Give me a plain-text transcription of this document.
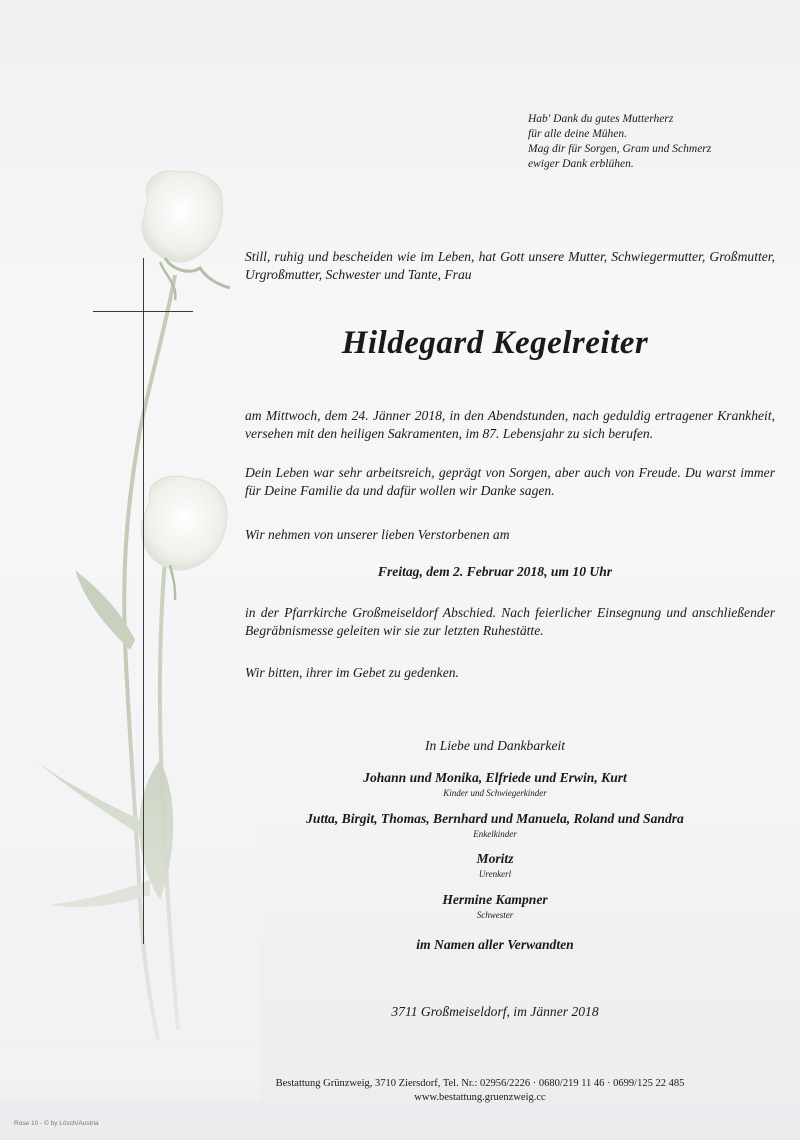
Hab' Dank du gutes Mutterherz
für alle deine Mühen.
Mag dir für Sorgen, Gram und Schmerz
ewiger Dank erblühen.
Still, ruhig und bescheiden wie im Leben, hat Gott unsere Mutter, Schwiegermutter, Großmutter, Urgroßmutter, Schwester und Tante, Frau
Hildegard Kegelreiter
am Mittwoch, dem 24. Jänner 2018, in den Abendstunden, nach geduldig ertragener Krankheit, versehen mit den heiligen Sakramenten, im 87. Lebensjahr zu sich berufen.
Dein Leben war sehr arbeitsreich, geprägt von Sorgen, aber auch von Freude. Du warst immer für Deine Familie da und dafür wollen wir Danke sagen.
Wir nehmen von unserer lieben Verstorbenen am
Freitag, dem 2. Februar 2018, um 10 Uhr
in der Pfarrkirche Großmeiseldorf Abschied. Nach feierlicher Einsegnung und anschließender Begräbnismesse geleiten wir sie zur letzten Ruhestätte.
Wir bitten, ihrer im Gebet zu gedenken.
In Liebe und Dankbarkeit
Johann und Monika, Elfriede und Erwin, Kurt
Kinder und Schwiegerkinder
Jutta, Birgit, Thomas, Bernhard und Manuela, Roland und Sandra
Enkelkinder
Moritz
Urenkerl
Hermine Kampner
Schwester
im Namen aller Verwandten
3711 Großmeiseldorf, im Jänner 2018
Bestattung Grünzweig, 3710 Ziersdorf, Tel. Nr.: 02956/2226 · 0680/219 11 46 · 0699/125 22 485
www.bestattung.gruenzweig.cc
Rose 10 - © by Lösch/Austria
